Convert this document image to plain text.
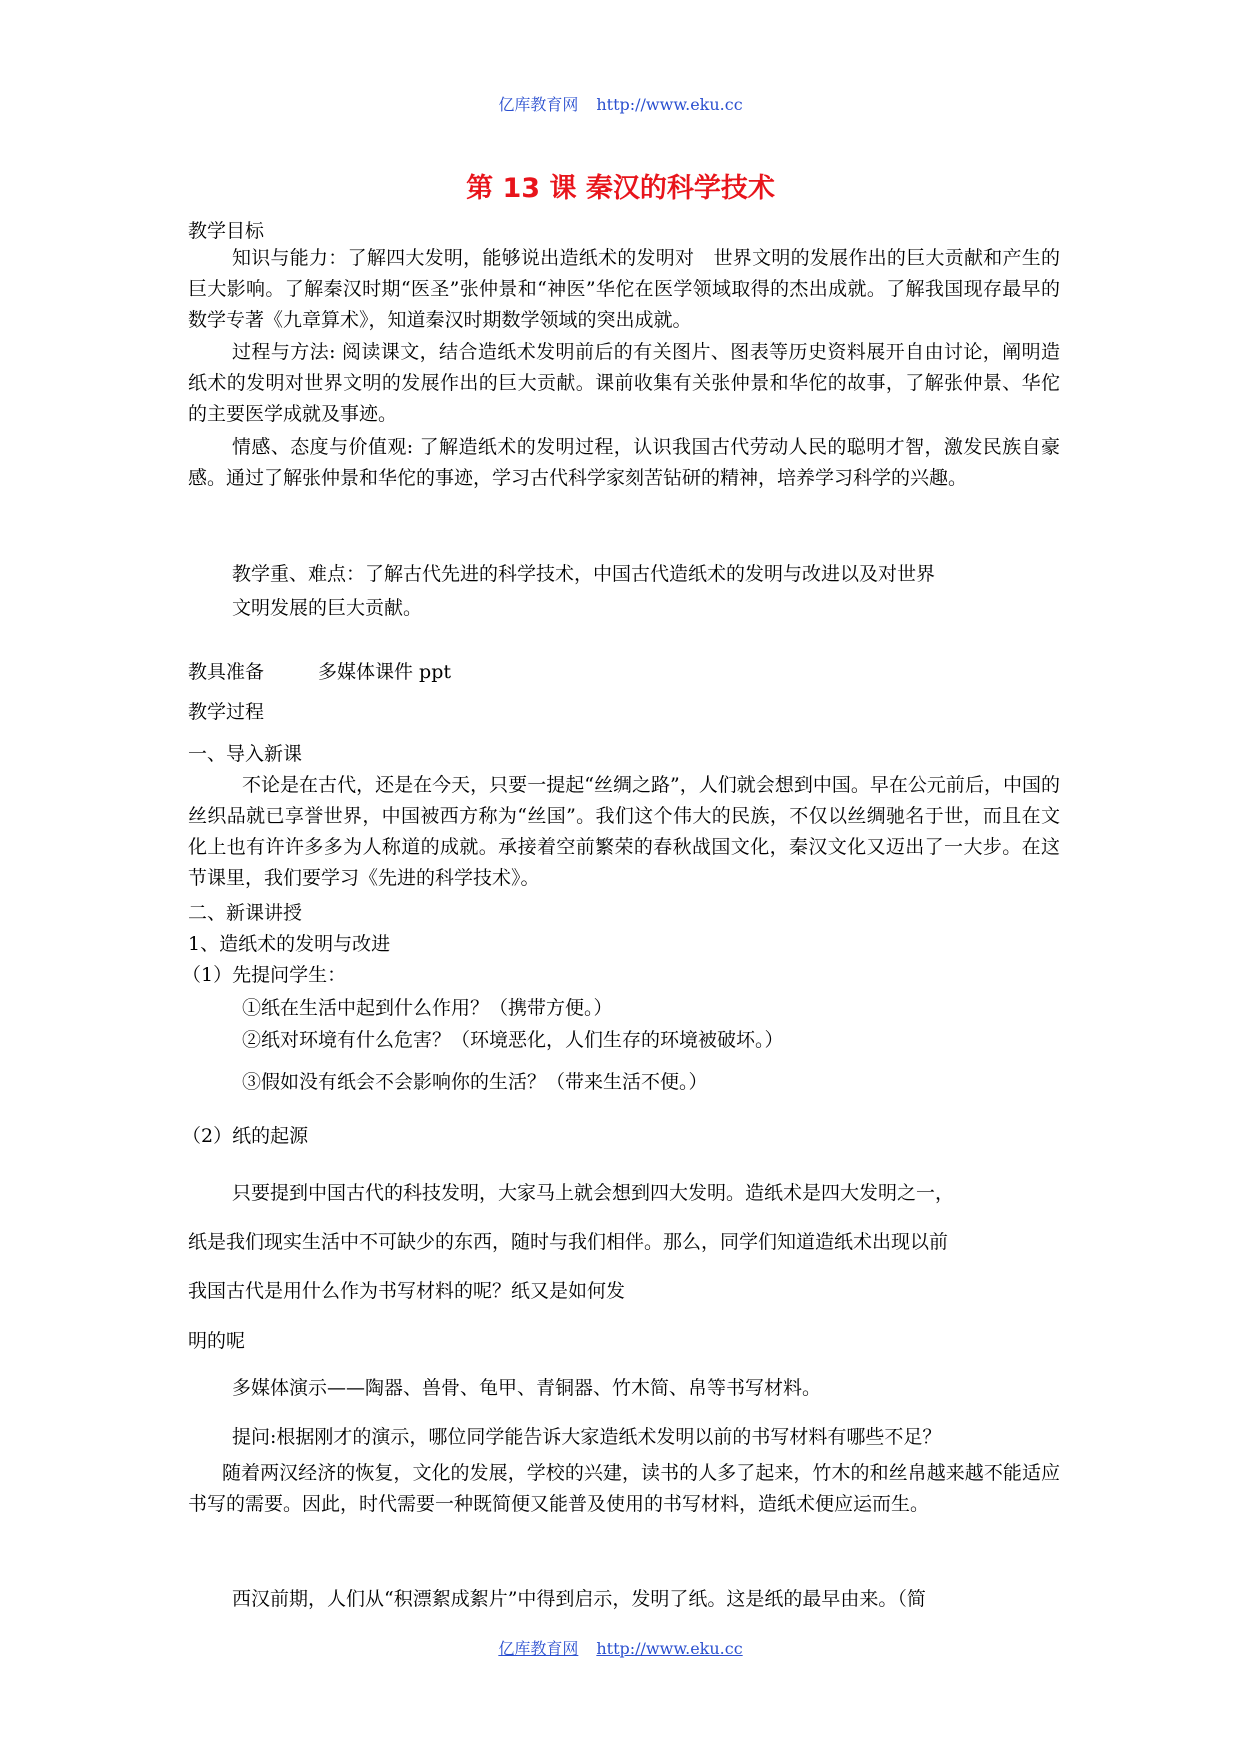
亿库教育网 http://www.eku.cc
第 13 课 秦汉的科学技术
教学目标
知识与能力：了解四大发明，能够说出造纸术的发明对　世界文明的发展作出的巨大贡献和产生的巨大影响。了解秦汉时期“医圣”张仲景和“神医”华佗在医学领域取得的杰出成就。了解我国现存最早的数学专著《九章算术》，知道秦汉时期数学领域的突出成就。
过程与方法: 阅读课文，结合造纸术发明前后的有关图片、图表等历史资料展开自由讨论，阐明造纸术的发明对世界文明的发展作出的巨大贡献。课前收集有关张仲景和华佗的故事，了解张仲景、华佗的主要医学成就及事迹。
情感、态度与价值观: 了解造纸术的发明过程，认识我国古代劳动人民的聪明才智，激发民族自豪感。通过了解张仲景和华佗的事迹，学习古代科学家刻苦钻研的精神，培养学习科学的兴趣。
教学重、难点：了解古代先进的科学技术，中国古代造纸术的发明与改进以及对世界
文明发展的巨大贡献。
教具准备	多媒体课件 ppt
教学过程
一、导入新课
不论是在古代，还是在今天，只要一提起“丝绸之路”，人们就会想到中国。早在公元前后，中国的丝织品就已享誉世界，中国被西方称为“丝国”。我们这个伟大的民族，不仅以丝绸驰名于世，而且在文化上也有许许多多为人称道的成就。承接着空前繁荣的春秋战国文化，秦汉文化又迈出了一大步。在这节课里，我们要学习《先进的科学技术》。
二、新课讲授
1、造纸术的发明与改进
（1）先提问学生：
①纸在生活中起到什么作用？（携带方便。）
②纸对环境有什么危害？（环境恶化，人们生存的环境被破坏。）
③假如没有纸会不会影响你的生活？（带来生活不便。）
（2）纸的起源
只要提到中国古代的科技发明，大家马上就会想到四大发明。造纸术是四大发明之一，
纸是我们现实生活中不可缺少的东西，随时与我们相伴。那么，同学们知道造纸术出现以前
我国古代是用什么作为书写材料的呢？纸又是如何发
明的呢
多媒体演示——陶器、兽骨、龟甲、青铜器、竹木简、帛等书写材料。
提问:根据刚才的演示，哪位同学能告诉大家造纸术发明以前的书写材料有哪些不足？
随着两汉经济的恢复，文化的发展，学校的兴建，读书的人多了起来，竹木的和丝帛越来越不能适应书写的需要。因此，时代需要一种既简便又能普及使用的书写材料，造纸术便应运而生。
西汉前期，人们从“积漂絮成絮片”中得到启示，发明了纸。这是纸的最早由来。（简
亿库教育网 http://www.eku.cc
